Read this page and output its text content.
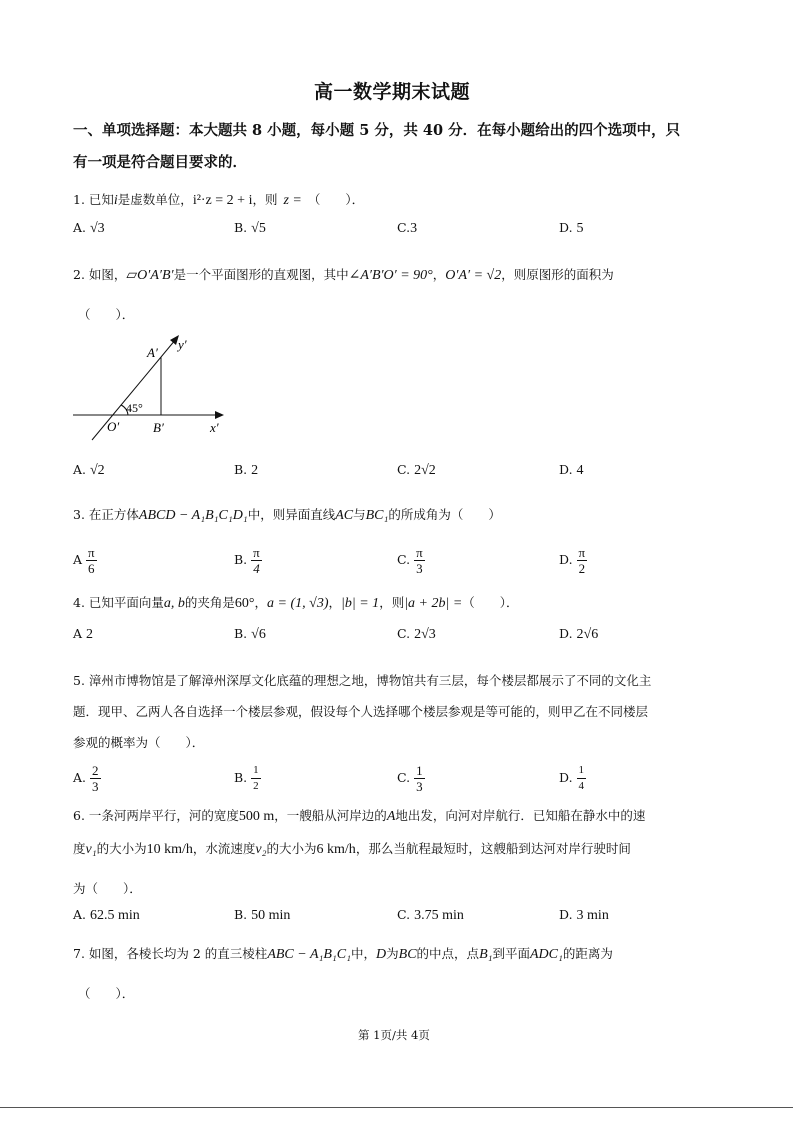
高一数学期末试题
一、单项选择题：本大题共 8 小题，每小题 5 分，共 40 分．在每小题给出的四个选项中，只
有一项是符合题目要求的．
1. 已知i是虚数单位，i²·z = 2 + i，则 z = （　　）．
A. √3	B. √5	C.3	D. 5
2. 如图，▱O′A′B′是一个平面图形的直观图，其中∠A′B′O′ = 90°，O′A′ = √2，则原图形的面积为
（　　）．
A′
y′
45°
O′	B′	x′
A. √2	B. 2	C. 2√2	D. 4
3. 在正方体ABCD − A₁B₁C₁D₁中，则异面直线AC与BC₁的所成角为（　　）
A $\frac{\pi}{6}$	B. $\frac{\pi}{4}$	C. $\frac{\pi}{3}$	D. $\frac{\pi}{2}$
4. 已知平面向量a, b的夹角是60°，a = (1, √3)，|b| = 1，则|a + 2b| =（　　）．
A 2	B. √6	C. 2√3	D. 2√6
5. 漳州市博物馆是了解漳州深厚文化底蕴的理想之地，博物馆共有三层，每个楼层都展示了不同的文化主
题．现甲、乙两人各自选择一个楼层参观，假设每个人选择哪个楼层参观是等可能的，则甲乙在不同楼层
参观的概率为（　　）．
A. $\frac{2}{3}$	B. $\frac{1}{2}$	C. $\frac{1}{3}$	D. $\frac{1}{4}$
6. 一条河两岸平行，河的宽度500 m，一艘船从河岸边的A地出发，向河对岸航行．已知船在静水中的速
度v₁的大小为10 km/h，水流速度v₂的大小为6 km/h，那么当航程最短时，这艘船到达河对岸行驶时间
为（　　）．
A. 62.5 min	B. 50 min	C. 3.75 min	D. 3 min
7. 如图，各棱长均为 2 的直三棱柱ABC − A₁B₁C₁中，D为BC的中点，点B₁到平面ADC₁的距离为
（　　）．
第 1页/共 4页
